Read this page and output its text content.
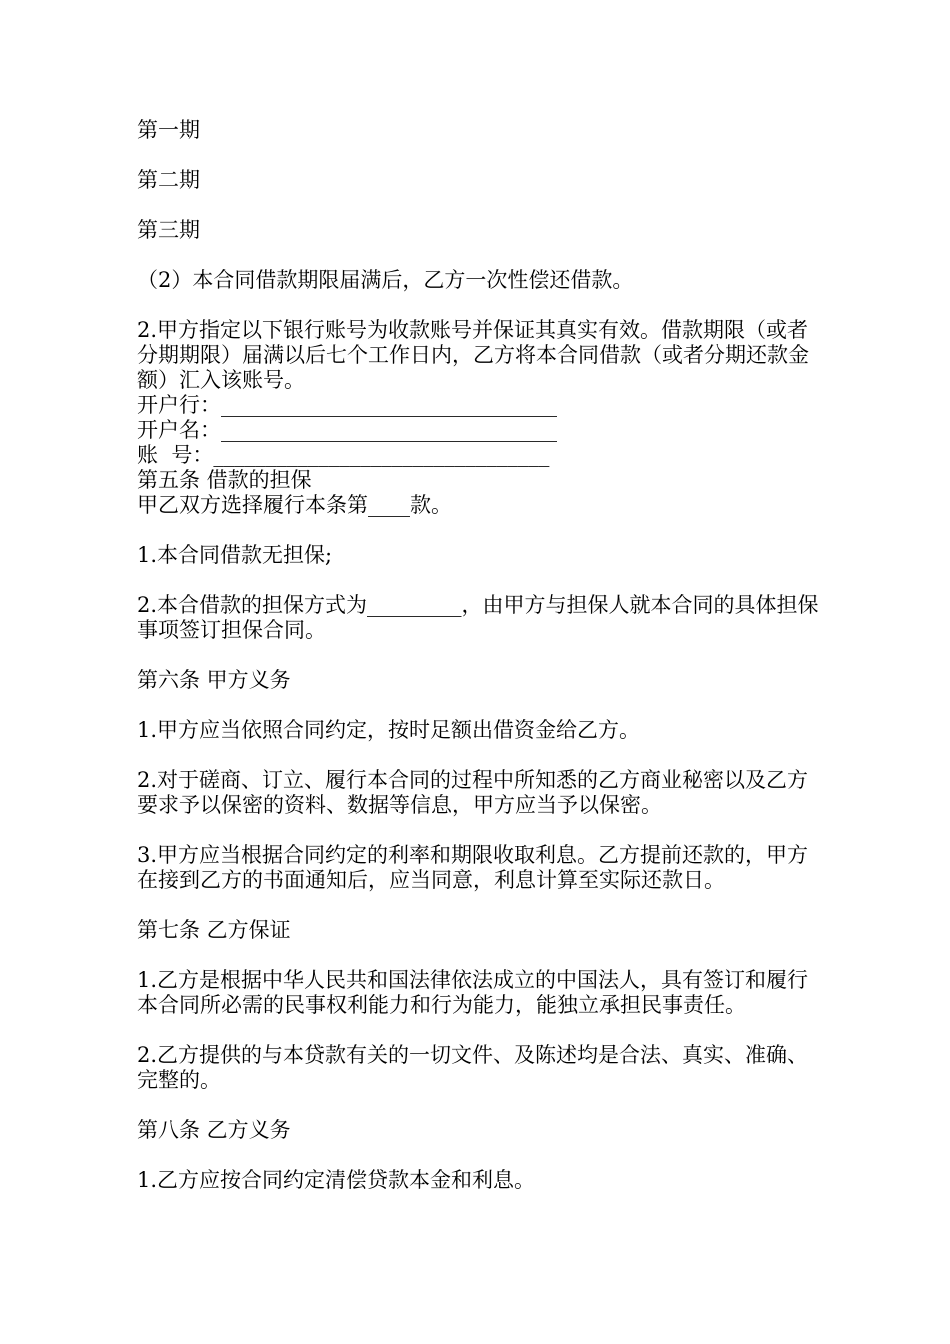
第一期

第二期

第三期

（2）本合同借款期限届满后，乙方一次性偿还借款。

2.甲方指定以下银行账号为收款账号并保证其真实有效。借款期限（或者分期期限）届满以后七个工作日内，乙方将本合同借款（或者分期还款金额）汇入该账号。

开户行：________________________________

开户名：________________________________

账  号：________________________________

第五条 借款的担保

甲乙双方选择履行本条第____款。

1.本合同借款无担保;

2.本合借款的担保方式为_________，由甲方与担保人就本合同的具体担保事项签订担保合同。

第六条 甲方义务

1.甲方应当依照合同约定，按时足额出借资金给乙方。

2.对于磋商、订立、履行本合同的过程中所知悉的乙方商业秘密以及乙方要求予以保密的资料、数据等信息，甲方应当予以保密。

3.甲方应当根据合同约定的利率和期限收取利息。乙方提前还款的，甲方在接到乙方的书面通知后，应当同意，利息计算至实际还款日。

第七条 乙方保证

1.乙方是根据中华人民共和国法律依法成立的中国法人，具有签订和履行本合同所必需的民事权利能力和行为能力，能独立承担民事责任。

2.乙方提供的与本贷款有关的一切文件、及陈述均是合法、真实、准确、完整的。

第八条 乙方义务

1.乙方应按合同约定清偿贷款本金和利息。
